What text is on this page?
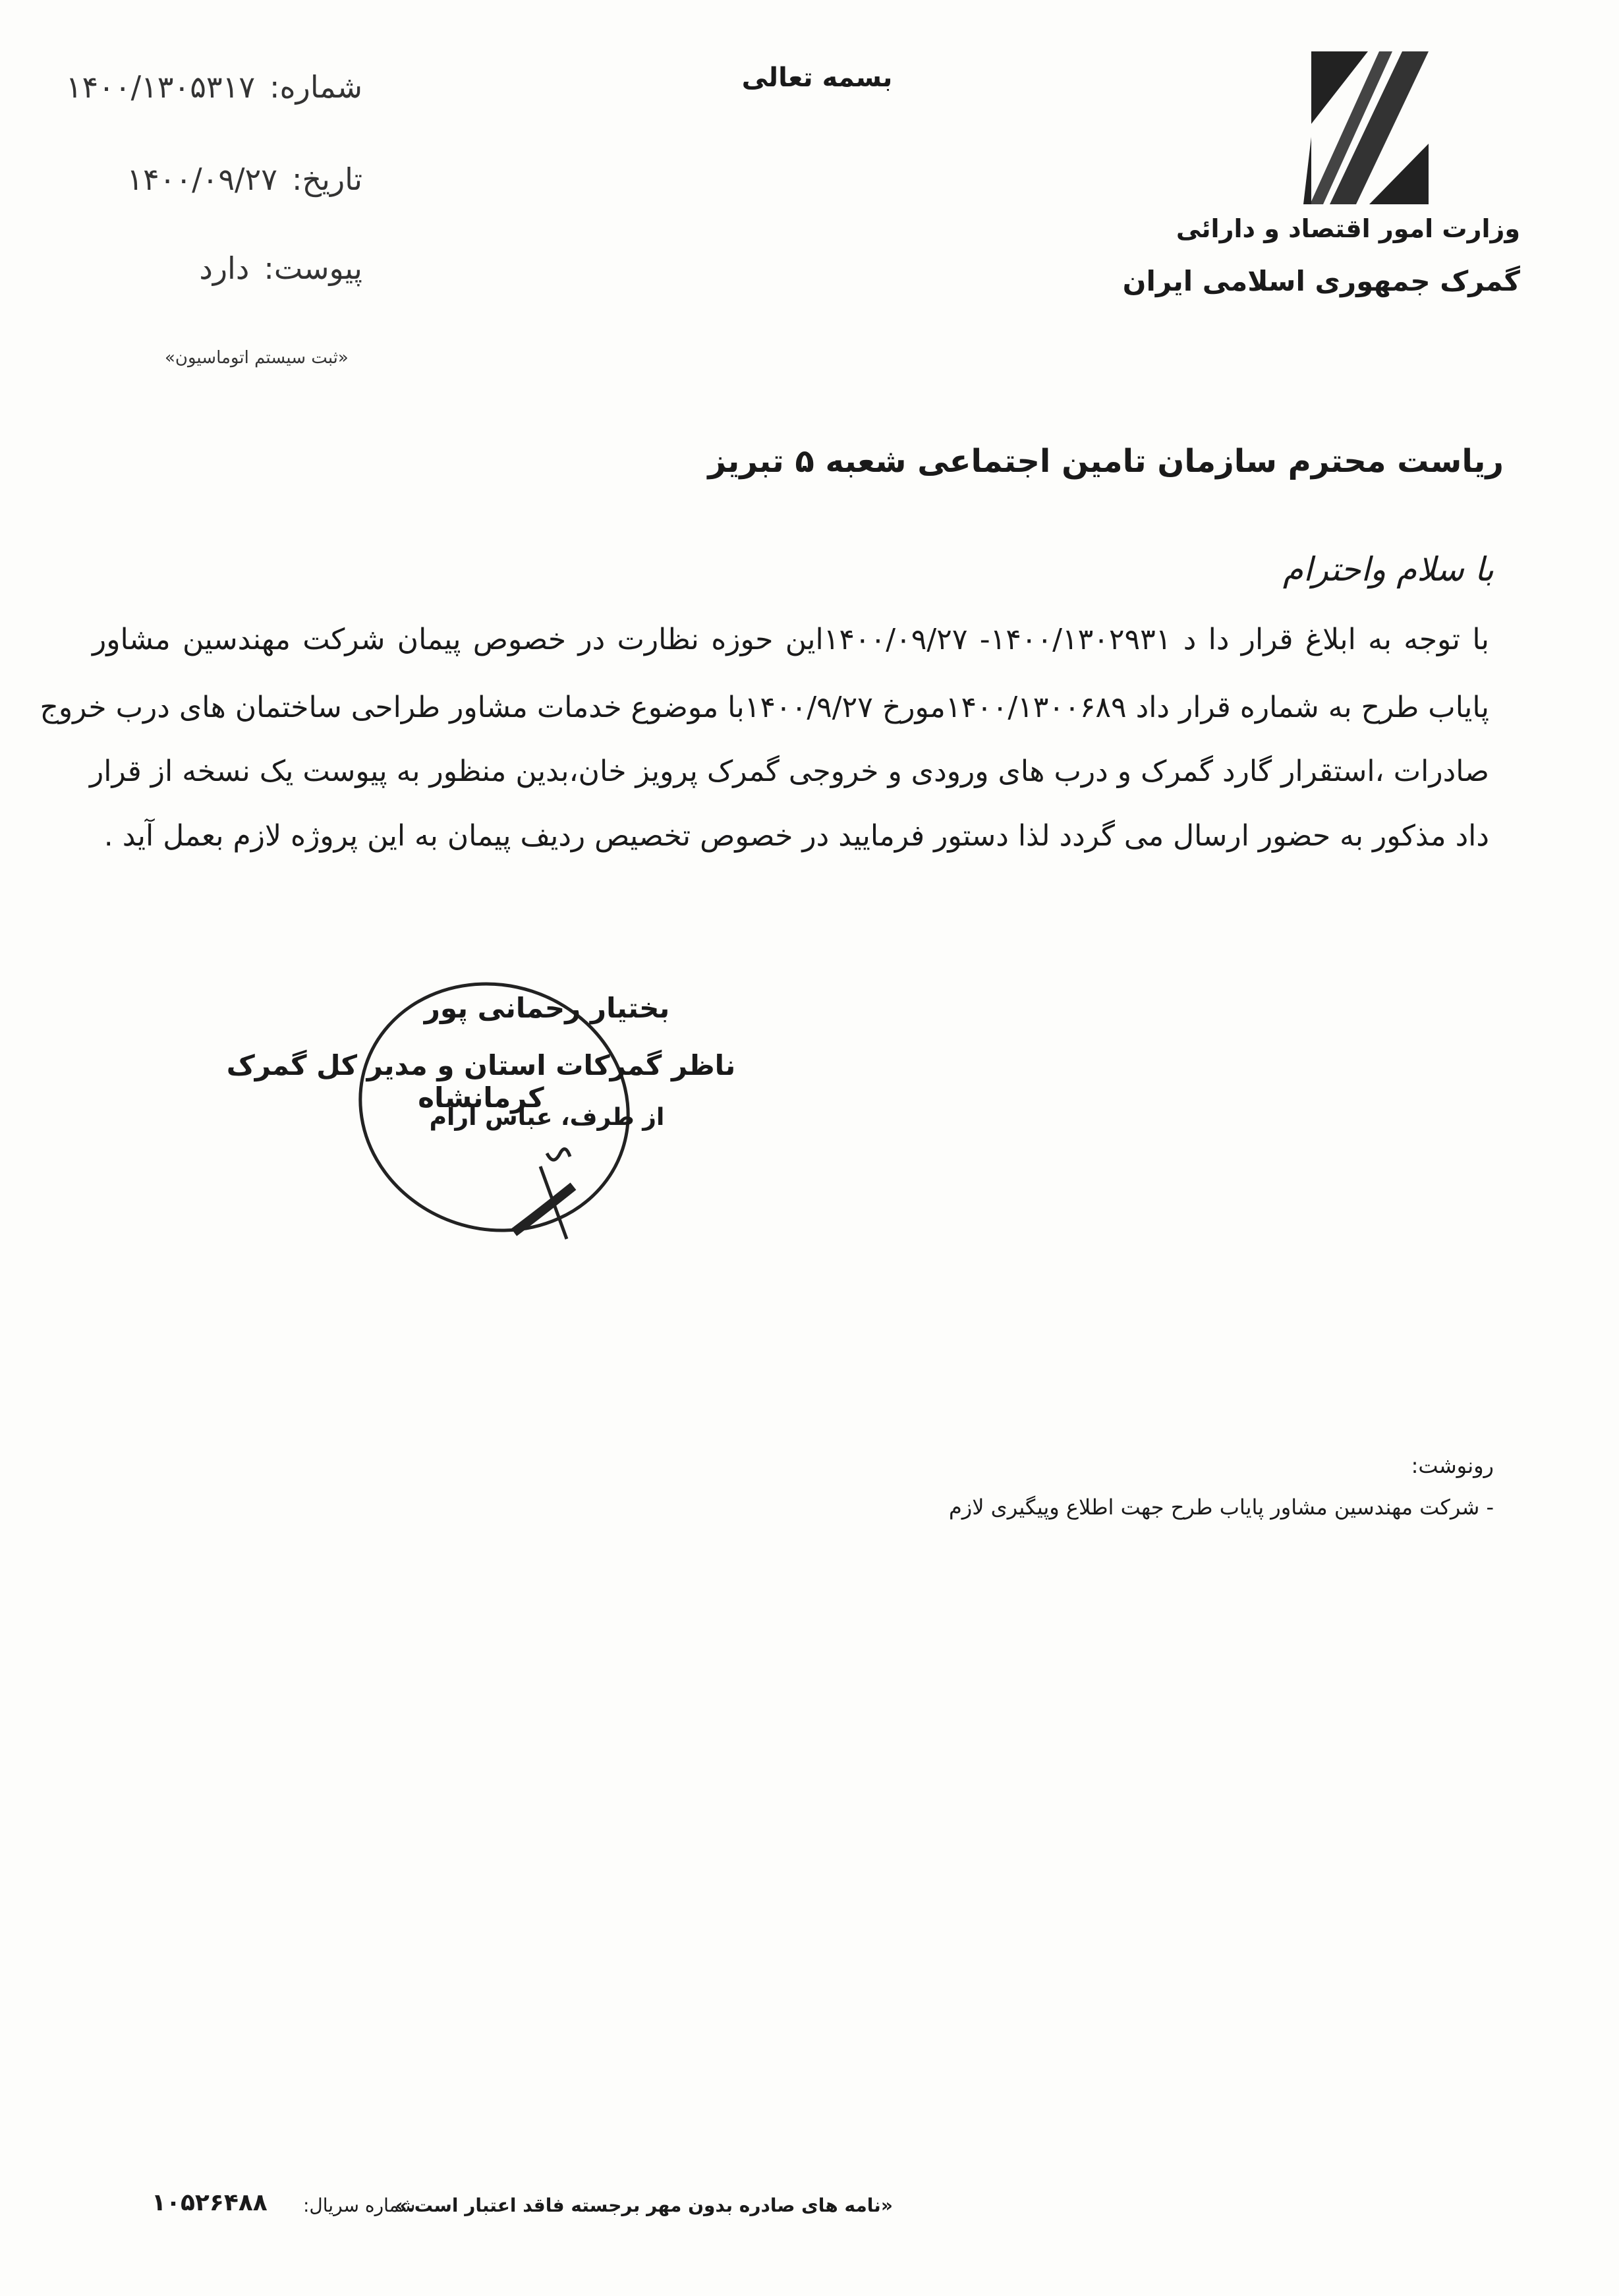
وزارت امور اقتصاد و دارائی
گمرک جمهوری اسلامی ایران
بسمه تعالی
شماره:۱۴۰۰/۱۳۰۵۳۱۷
تاریخ:۱۴۰۰/۰۹/۲۷
پیوست:دارد
«ثبت سیستم اتوماسیون»
ریاست محترم سازمان تامین اجتماعی شعبه ۵ تبریز
با سلام واحترام
با توجه به ابلاغ قرار دا د ۱۴۰۰/۱۳۰۲۹۳۱- ۱۴۰۰/۰۹/۲۷این حوزه نظارت در خصوص پیمان شرکت مهندسین مشاور
پایاب طرح به شماره قرار داد ۱۴۰۰/۱۳۰۰۶۸۹مورخ ۱۴۰۰/۹/۲۷با موضوع خدمات مشاور طراحی ساختمان های درب خروج
صادرات ،استقرار گارد گمرک و درب های ورودی و خروجی گمرک پرویز خان،بدین منظور به پیوست یک نسخه از قرار
داد مذکور به حضور ارسال می گردد لذا دستور فرمایید در خصوص تخصیص ردیف پیمان به این پروژه لازم بعمل آید .
بختیار رحمانی پور
ناظر گمرکات استان و مدیر کل گمرک کرمانشاه
از طرف، عباس آرام
رونوشت:
- شرکت مهندسین مشاور پایاب طرح جهت اطلاع وپیگیری لازم
«نامه های صادره بدون مهر برجسته فاقد اعتبار است.»
شماره سریال:
۱۰۵۲۶۴۸۸
